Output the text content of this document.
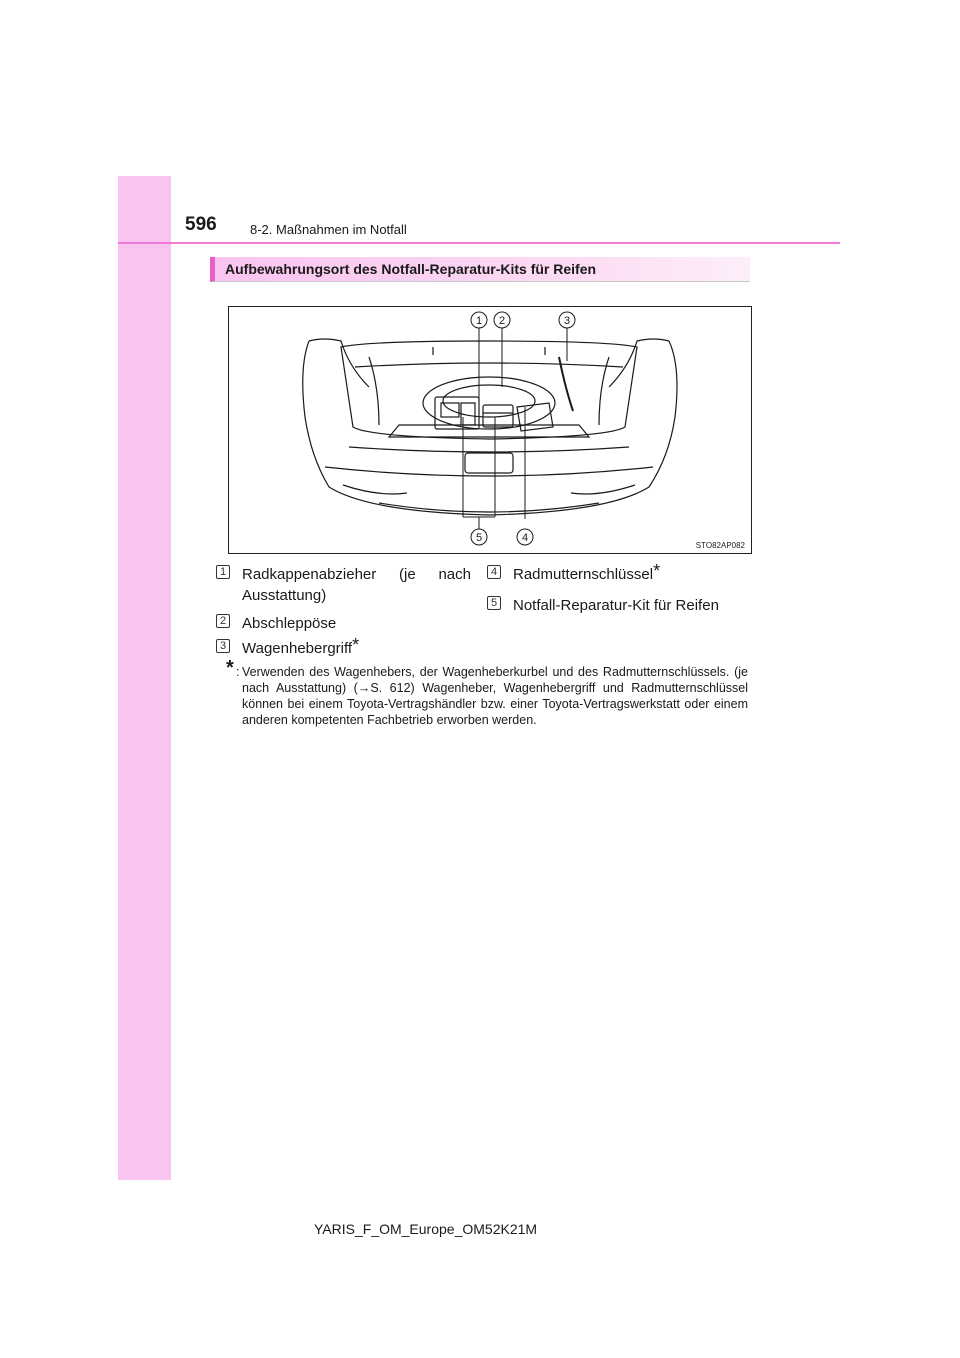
596	8-2. Maßnahmen im Notfall
Aufbewahrungsort des Notfall-Reparatur-Kits für Reifen
1 2	3
4
5
STO82AP082
1 Radkappenabzieher (je nach
Ausstattung)
2 Abschleppöse
3 Wagenhebergriff*
4 Radmutternschlüssel*
5 Notfall-Reparatur-Kit für Reifen
* : Verwenden des Wagenhebers, der Wagenheberkurbel und des Radmutternschlüssels. (je nach Ausstattung) (→S. 612) Wagenheber, Wagenhebergriff und Radmutternschlüssel können bei einem Toyota-Vertragshändler bzw. einer Toyota-Vertragswerkstatt oder einem anderen kompetenten Fachbetrieb erworben werden.
YARIS_F_OM_Europe_OM52K21M
